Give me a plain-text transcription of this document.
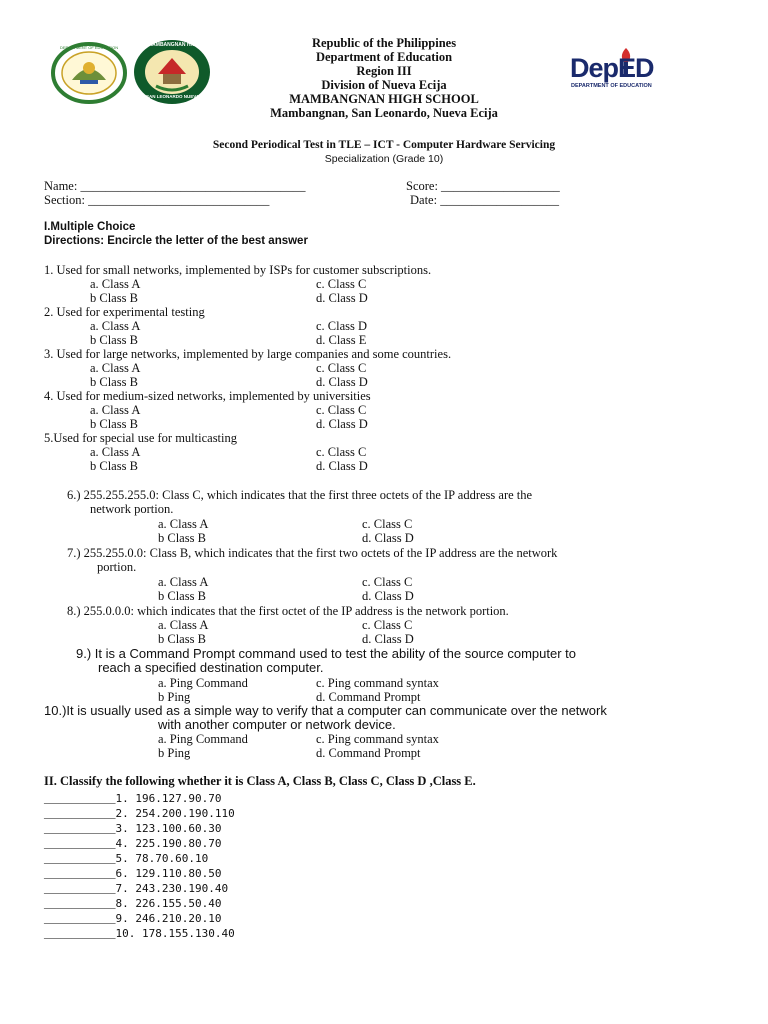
DEPARTMENT OF EDUCATION	MAMBANGNAN HIGH SCHOOL
SAN LEONARDO NUEVA ECIJA
DepED
DEPARTMENT OF EDUCATION
Republic of the Philippines
Department of Education
Region III
Division of Nueva Ecija
MAMBANGNAN HIGH SCHOOL
Mambangnan, San Leonardo, Nueva Ecija
Second Periodical Test in TLE – ICT - Computer Hardware Servicing
Specialization (Grade 10)
Name: ____________________________________	Score: ___________________
Section: _____________________________	Date: ___________________
I.Multiple Choice
Directions: Encircle the letter of the best answer
1. Used for small networks, implemented by ISPs for customer subscriptions.
a. Class A	c. Class C
b Class B	d. Class D
2. Used for experimental testing
a. Class A	c. Class D
b Class B	d. Class E
3. Used for large networks, implemented by large companies and some countries.
a. Class A	c. Class C
b Class B	d. Class D
4. Used for medium-sized networks, implemented by universities
a. Class A	c. Class C
b Class B	d. Class D
5.Used for special use for multicasting
a. Class A	c. Class C
b Class B	d. Class D
6.) 255.255.255.0: Class C, which indicates that the first three octets of the IP address are the
network portion.
a. Class A	c. Class C
b Class B	d. Class D
7.) 255.255.0.0: Class B, which indicates that the first two octets of the IP address are the network
portion.
a. Class A	c. Class C
b Class B	d. Class D
8.) 255.0.0.0: which indicates that the first octet of the IP address is the network portion.
a. Class A	c. Class C
b Class B	d. Class D
9.) It is a Command Prompt command used to test the ability of the source computer to
reach a specified destination computer.
a. Ping Command	c. Ping command syntax
b Ping	d. Command Prompt
10.)It is usually used as a simple way to verify that a computer can communicate over the network
with another computer or network device.
a. Ping Command	c. Ping command syntax
b Ping	d. Command Prompt
II. Classify the following whether it is Class A, Class B, Class C, Class D ,Class E.
_____________1. 196.127.90.70
_____________2. 254.200.190.110
_____________3. 123.100.60.30
_____________4. 225.190.80.70
_____________5. 78.70.60.10
_____________6. 129.110.80.50
_____________7. 243.230.190.40
_____________8. 226.155.50.40
_____________9. 246.210.20.10
_____________10. 178.155.130.40
